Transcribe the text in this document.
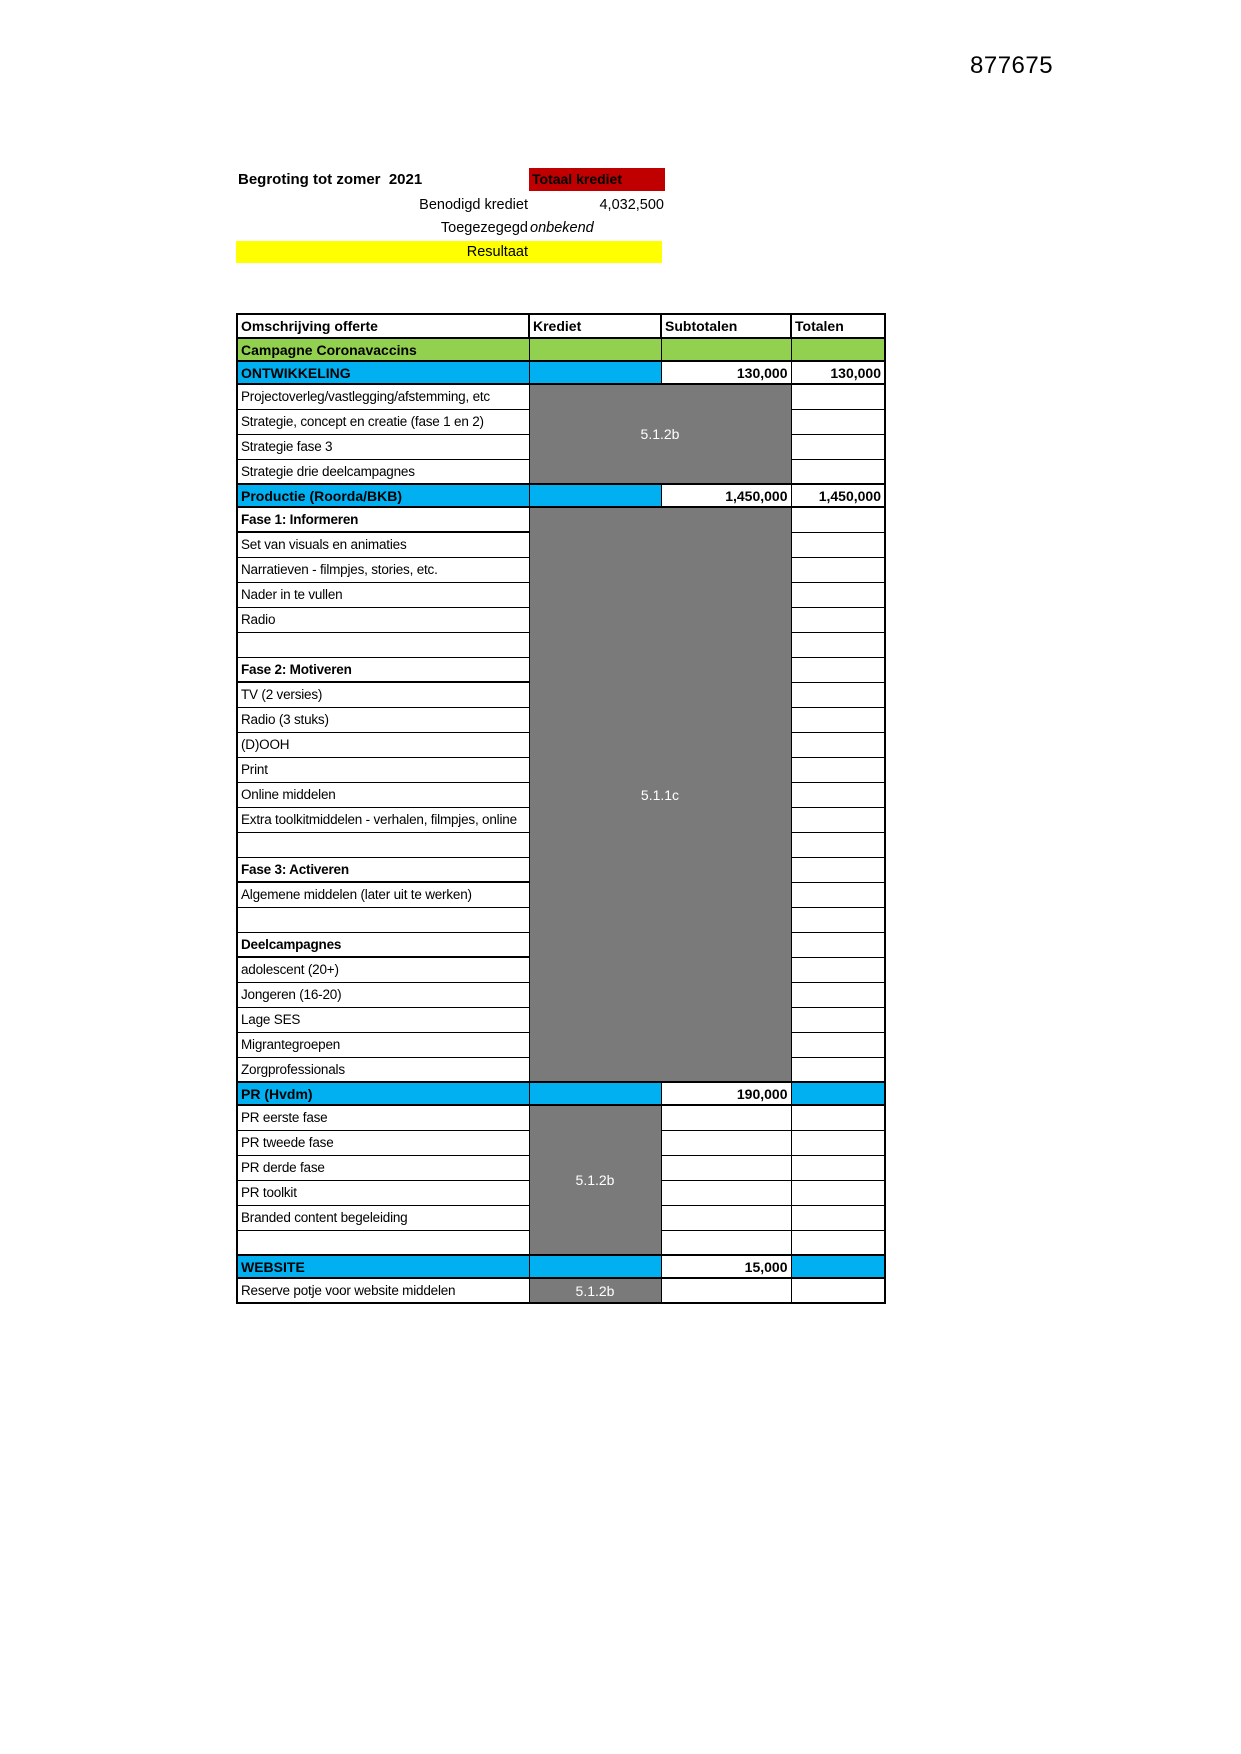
877675
Begroting tot zomer  2021	Totaal krediet
Benodigd krediet	4,032,500
Toegezegegd onbekend
Resultaat
Omschrijving offerte	Krediet	Subtotalen	Totalen
Campagne Coronavaccins			
ONTWIKKELING		130,000	130,000
Projectoverleg/vastlegging/afstemming, etc	5.1.2b		
Strategie, concept en creatie (fase 1 en 2)			
Strategie fase 3			
Strategie drie deelcampagnes			
Productie (Roorda/BKB)		1,450,000	1,450,000
Fase 1: Informeren	5.1.1c		
Set van visuals en animaties			
Narratieven - filmpjes, stories, etc.			
Nader in te vullen			
Radio			

Fase 2: Motiveren			
TV (2 versies)			
Radio (3 stuks)			
(D)OOH			
Print			
Online middelen			
Extra toolkitmiddelen - verhalen, filmpjes, online			

Fase 3: Activeren			
Algemene middelen (later uit te werken)			

Deelcampagnes			
adolescent (20+)			
Jongeren (16-20)			
Lage SES			
Migrantegroepen			
Zorgprofessionals			
PR (Hvdm)		190,000	
PR eerste fase	5.1.2b		
PR tweede fase			
PR derde fase			
PR toolkit			
Branded content begeleiding			

WEBSITE		15,000	
Reserve potje voor website middelen	5.1.2b		
